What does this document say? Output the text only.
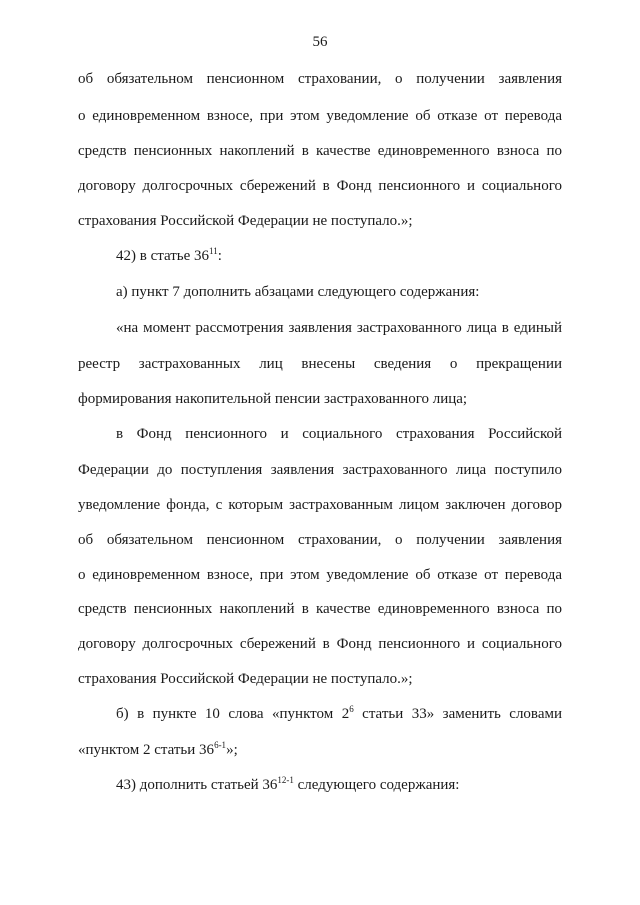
56
об обязательном пенсионном страховании, о получении заявления
о единовременном взносе, при этом уведомление об отказе от перевода
средств пенсионных накоплений в качестве единовременного взноса по
договору долгосрочных сбережений в Фонд пенсионного и социального
страхования Российской Федерации не поступало.»;
42) в статье $36^{11}$:
а) пункт 7 дополнить абзацами следующего содержания:
«на момент рассмотрения заявления застрахованного лица в единый
реестр застрахованных лиц внесены сведения о прекращении
формирования накопительной пенсии застрахованного лица;
в Фонд пенсионного и социального страхования Российской
Федерации до поступления заявления застрахованного лица поступило
уведомление фонда, с которым застрахованным лицом заключен договор
об обязательном пенсионном страховании, о получении заявления
о единовременном взносе, при этом уведомление об отказе от перевода
средств пенсионных накоплений в качестве единовременного взноса по
договору долгосрочных сбережений в Фонд пенсионного и социального
страхования Российской Федерации не поступало.»;
б) в пункте 10 слова «пунктом $2^6$ статьи 33» заменить словами
«пунктом 2 статьи 36$^{6-1}$»;
43) дополнить статьей 36$^{12-1}$ следующего содержания:
